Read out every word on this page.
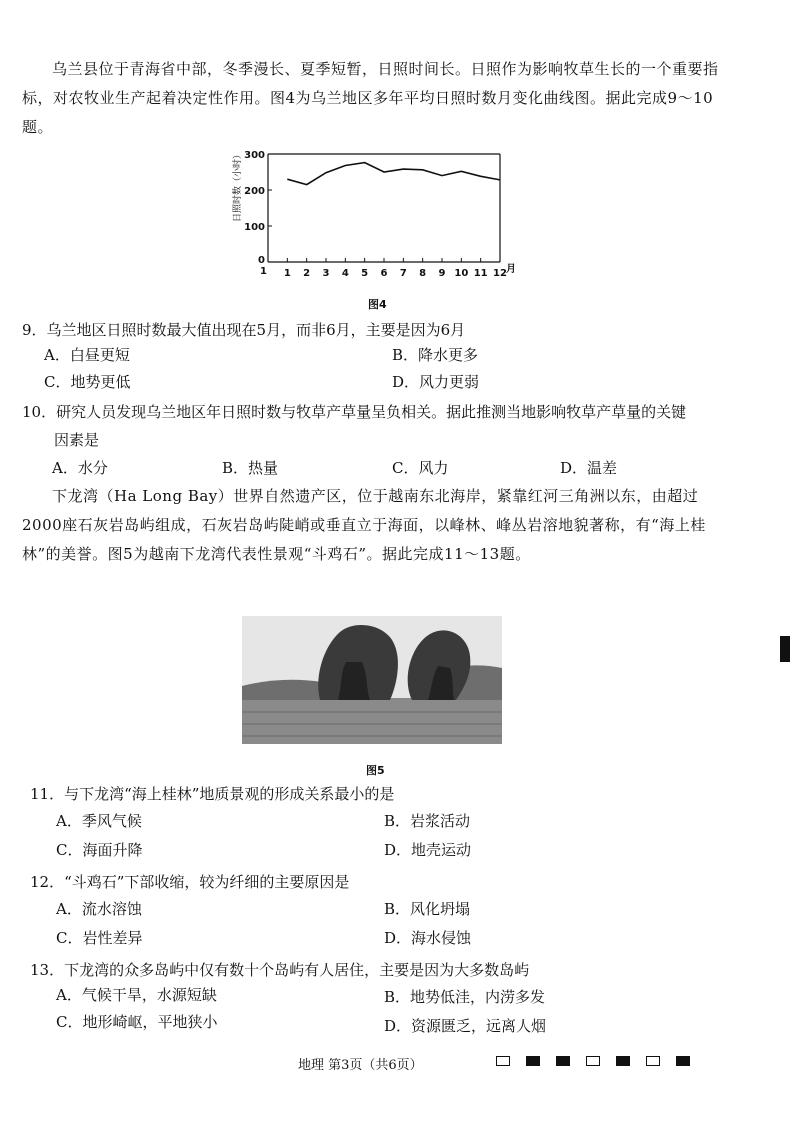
乌兰县位于青海省中部，冬季漫长、夏季短暂，日照时间长。日照作为影响牧草生长的一个重要指标，对农牧业生产起着决定性作用。图4为乌兰地区多年平均日照时数月变化曲线图。据此完成9～10题。

日照时数（小时）
100
200
300
0
1 1 2 3 4 5 6 7 8 9 10 11 12 月
图4
9．乌兰地区日照时数最大值出现在5月，而非6月，主要是因为6月
A．白昼更短	B．降水更多
C．地势更低	D．风力更弱
10．研究人员发现乌兰地区年日照时数与牧草产草量呈负相关。据此推测当地影响牧草产草量的关键
因素是
A．水分	B．热量	C．风力	D．温差

下龙湾（Ha Long Bay）世界自然遗产区，位于越南东北海岸，紧靠红河三角洲以东，由超过2000座石灰岩岛屿组成，石灰岩岛屿陡峭或垂直立于海面，以峰林、峰丛岩溶地貌著称，有“海上桂林”的美誉。图5为越南下龙湾代表性景观“斗鸡石”。据此完成11～13题。

图5
11．与下龙湾“海上桂林”地质景观的形成关系最小的是
A．季风气候	B．岩浆活动
C．海面升降	D．地壳运动
12．“斗鸡石”下部收缩，较为纤细的主要原因是
A．流水溶蚀	B．风化坍塌
C．岩性差异	D．海水侵蚀
13．下龙湾的众多岛屿中仅有数十个岛屿有人居住，主要是因为大多数岛屿
A．气候干旱，水源短缺	B．地势低洼，内涝多发
C．地形崎岖，平地狭小	D．资源匮乏，远离人烟
地理 第3页（共6页）
